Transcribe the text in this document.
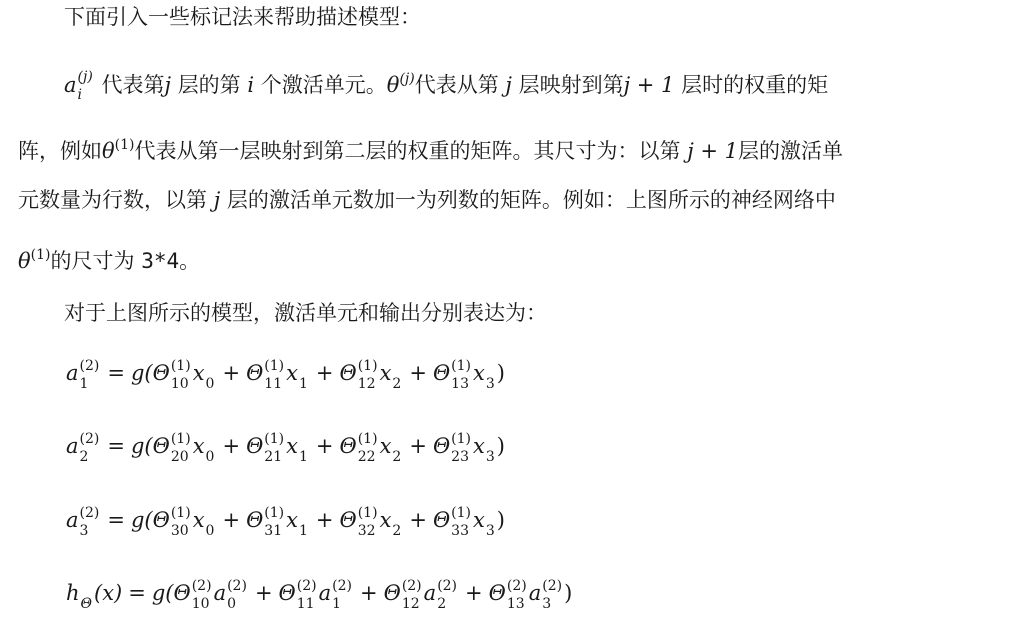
下面引入一些标记法来帮助描述模型：
a (j)
i 代表第j 层的第 i 个激活单元。$\theta^{(j)}$代表从第 j 层映射到第j + 1 层时的权重的矩
阵，例如$\theta^{(1)}$代表从第一层映射到第二层的权重的矩阵。其尺寸为：以第 j + 1层的激活单
元数量为行数，以第 j 层的激活单元数加一为列数的矩阵。例如：上图所示的神经网络中
$\theta^{(1)}$的尺寸为 3*4。
对于上图所示的模型，激活单元和输出分别表达为：
a (2)
1 = g(Θ (1)
10 x
0 + Θ (1)
11 x
1 + Θ (1)
12 x
2 + Θ (1)
13 x
3 )
a (2)
2 = g(Θ (1)
20 x
0 + Θ (1)
21 x
1 + Θ (1)
22 x
2 + Θ (1)
23 x
3 )
a (2)
3 = g(Θ (1)
30 x
0 + Θ (1)
31 x
1 + Θ (1)
32 x
2 + Θ (1)
33 x
3 )
h
Θ (x) = g(Θ (2)
10 a (2)
0 + Θ (2)
11 a (2)
1 + Θ (2)
12 a (2)
2 + Θ (2)
13 a (2)
3 )
